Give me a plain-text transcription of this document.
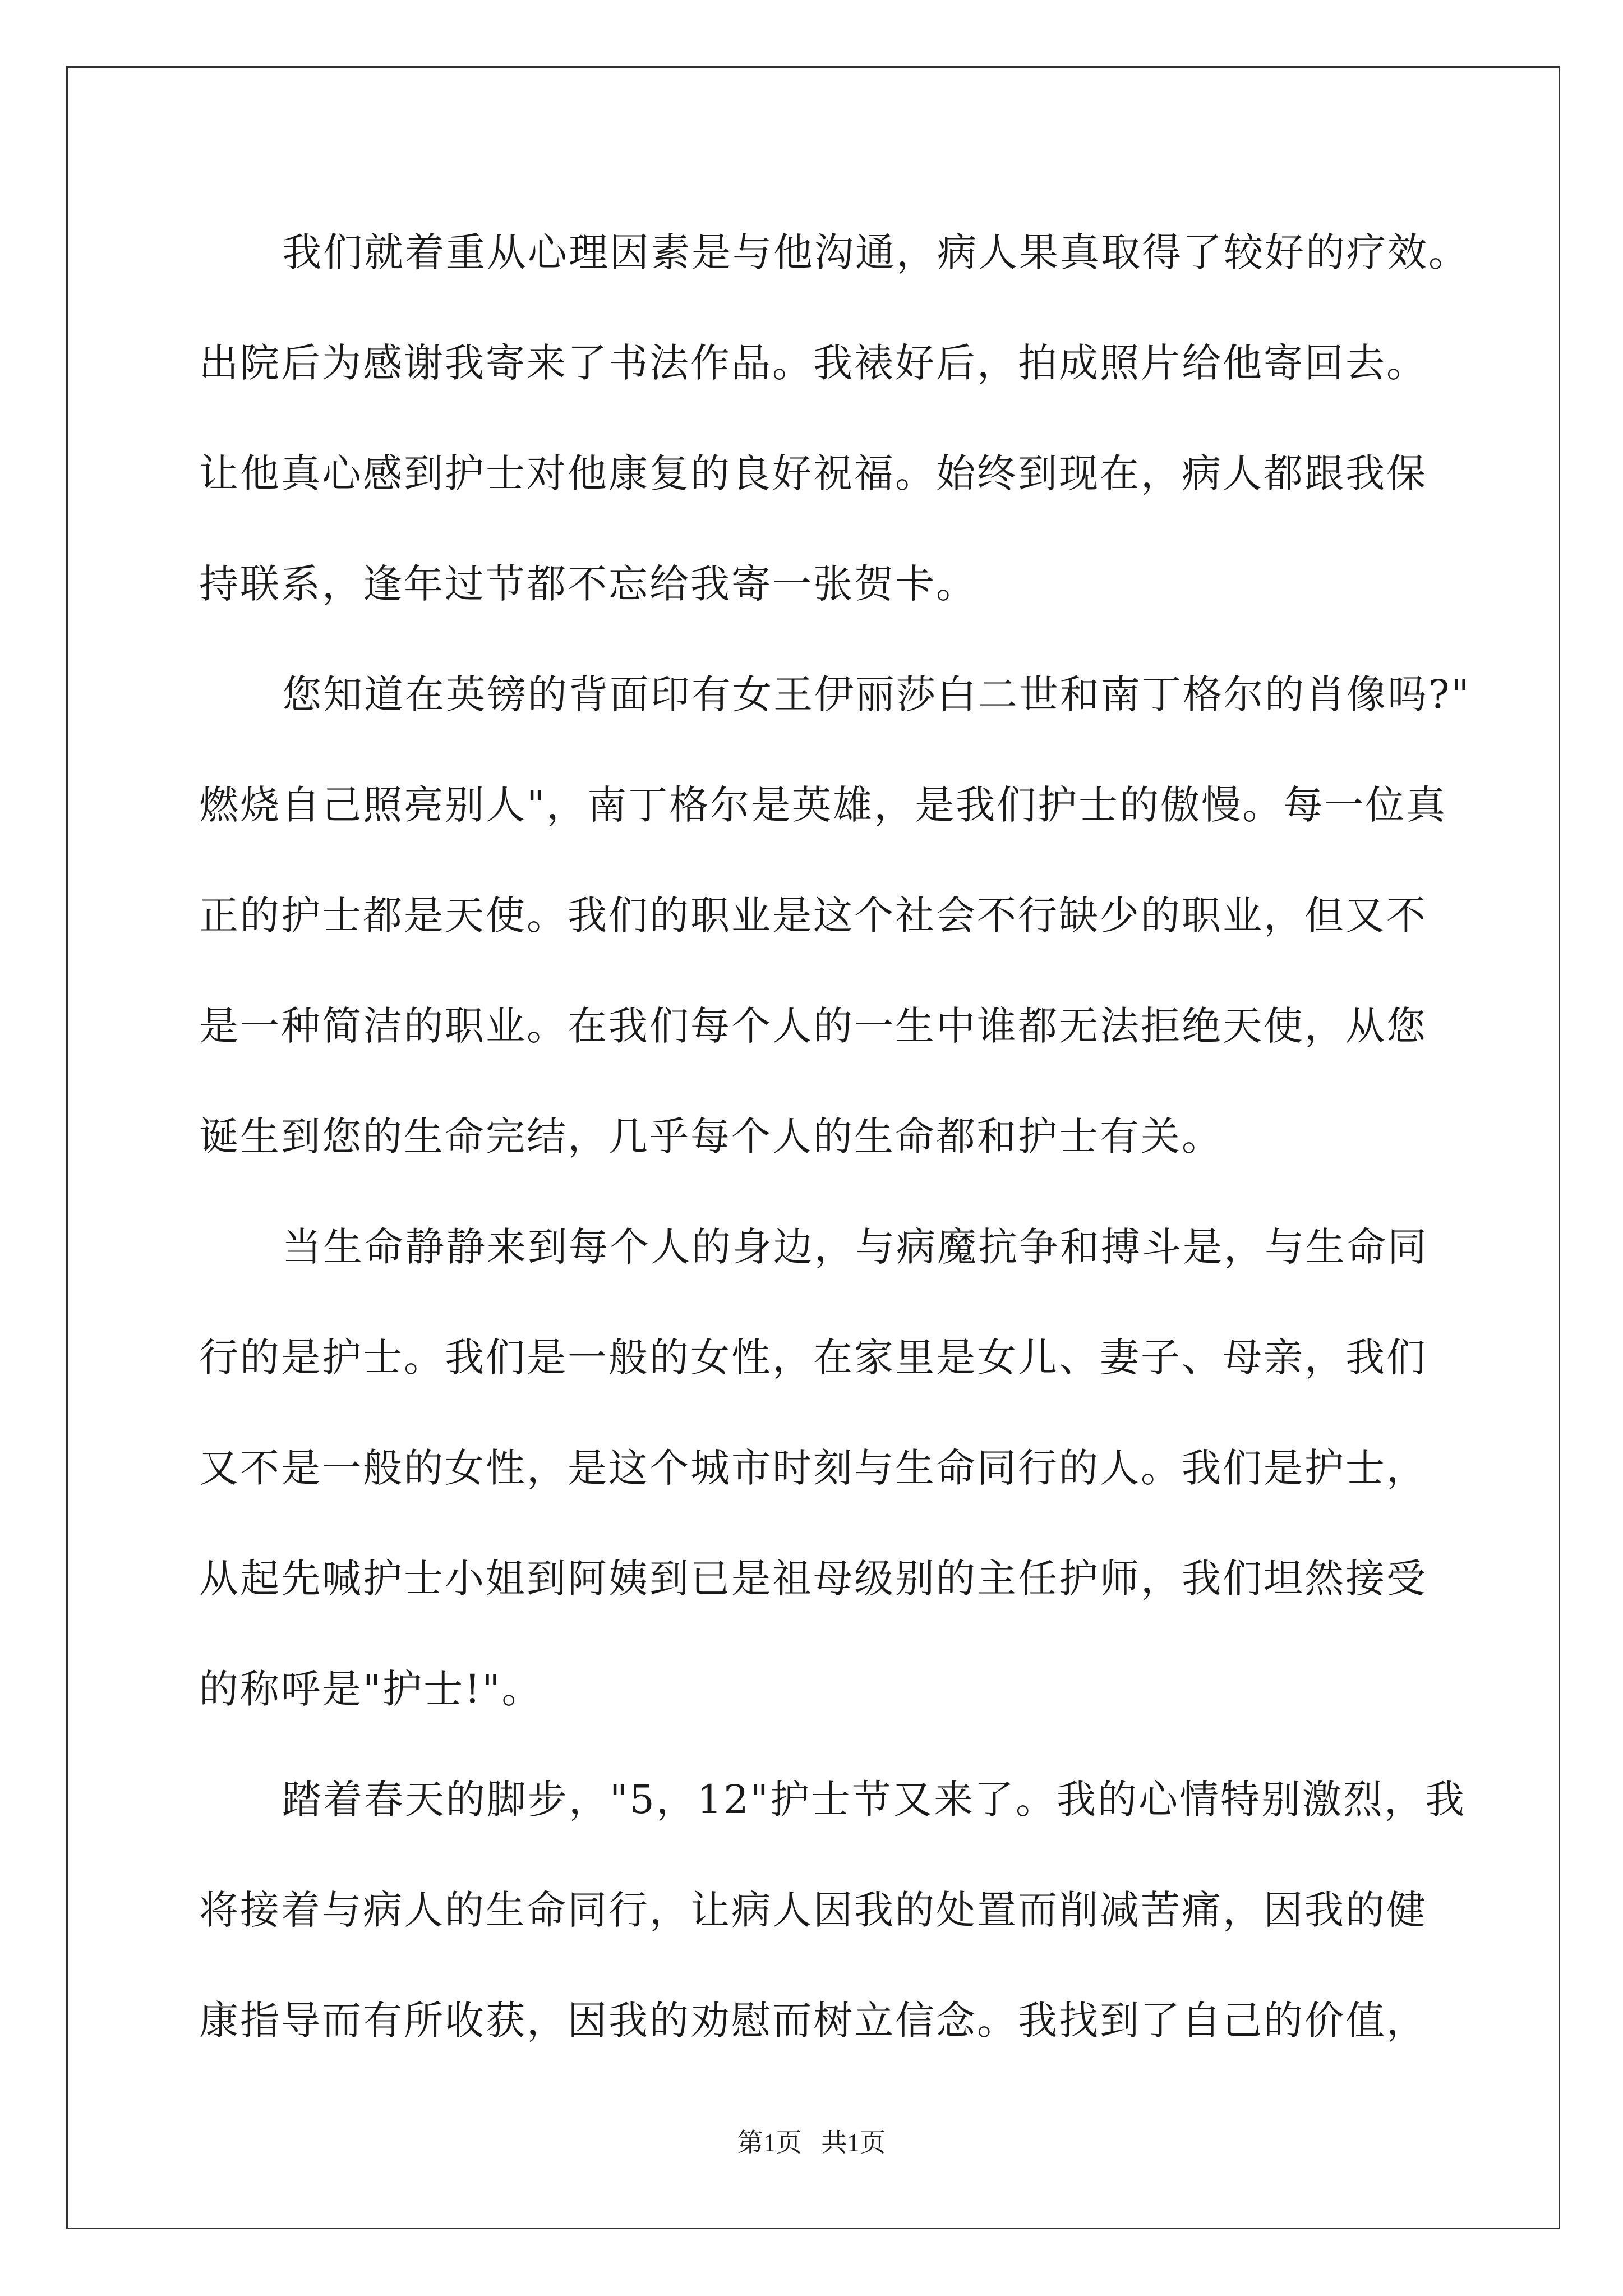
我们就着重从心理因素是与他沟通，病人果真取得了较好的疗效。
出院后为感谢我寄来了书法作品。我裱好后，拍成照片给他寄回去。
让他真心感到护士对他康复的良好祝福。始终到现在，病人都跟我保
持联系，逢年过节都不忘给我寄一张贺卡。
您知道在英镑的背面印有女王伊丽莎白二世和南丁格尔的肖像吗?"
燃烧自己照亮别人"，南丁格尔是英雄，是我们护士的傲慢。每一位真
正的护士都是天使。我们的职业是这个社会不行缺少的职业，但又不
是一种简洁的职业。在我们每个人的一生中谁都无法拒绝天使，从您
诞生到您的生命完结，几乎每个人的生命都和护士有关。
当生命静静来到每个人的身边，与病魔抗争和搏斗是，与生命同
行的是护士。我们是一般的女性，在家里是女儿、妻子、母亲，我们
又不是一般的女性，是这个城市时刻与生命同行的人。我们是护士，
从起先喊护士小姐到阿姨到已是祖母级别的主任护师，我们坦然接受
的称呼是"护士!"。
踏着春天的脚步，"5，12"护士节又来了。我的心情特别激烈，我
将接着与病人的生命同行，让病人因我的处置而削减苦痛，因我的健
康指导而有所收获，因我的劝慰而树立信念。我找到了自己的价值，
第1页   共1页
